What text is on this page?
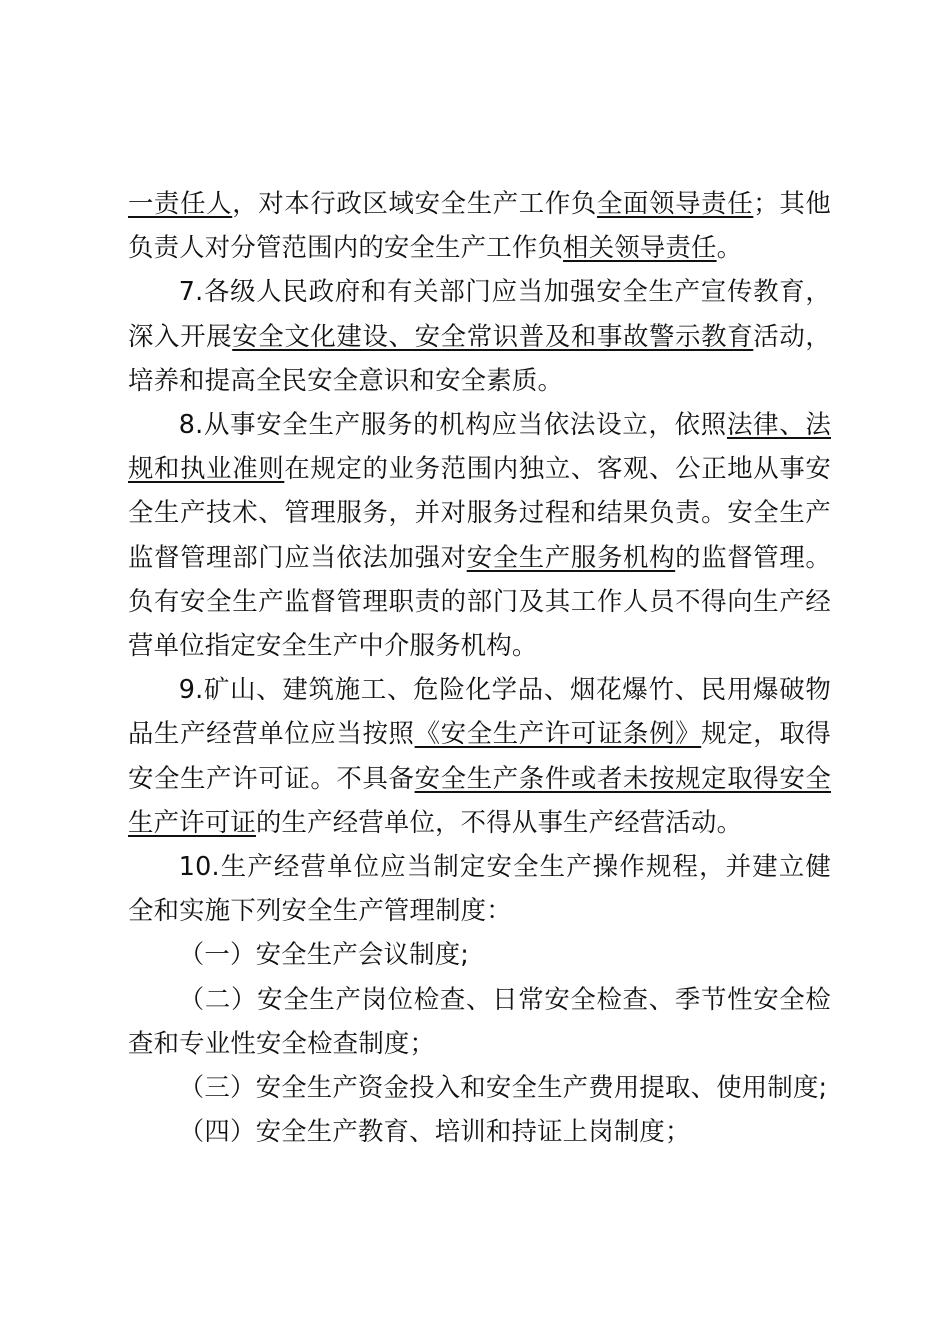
一责任人，对本行政区域安全生产工作负全面领导责任；其他负责人对分管范围内的安全生产工作负相关领导责任。

7.各级人民政府和有关部门应当加强安全生产宣传教育，深入开展安全文化建设、安全常识普及和事故警示教育活动，培养和提高全民安全意识和安全素质。

8.从事安全生产服务的机构应当依法设立，依照法律、法规和执业准则在规定的业务范围内独立、客观、公正地从事安全生产技术、管理服务，并对服务过程和结果负责。安全生产监督管理部门应当依法加强对安全生产服务机构的监督管理。负有安全生产监督管理职责的部门及其工作人员不得向生产经营单位指定安全生产中介服务机构。

9.矿山、建筑施工、危险化学品、烟花爆竹、民用爆破物品生产经营单位应当按照《安全生产许可证条例》规定，取得安全生产许可证。不具备安全生产条件或者未按规定取得安全生产许可证的生产经营单位，不得从事生产经营活动。

10.生产经营单位应当制定安全生产操作规程，并建立健全和实施下列安全生产管理制度：

（一）安全生产会议制度;

（二）安全生产岗位检查、日常安全检查、季节性安全检查和专业性安全检查制度；

（三）安全生产资金投入和安全生产费用提取、使用制度;

（四）安全生产教育、培训和持证上岗制度；
